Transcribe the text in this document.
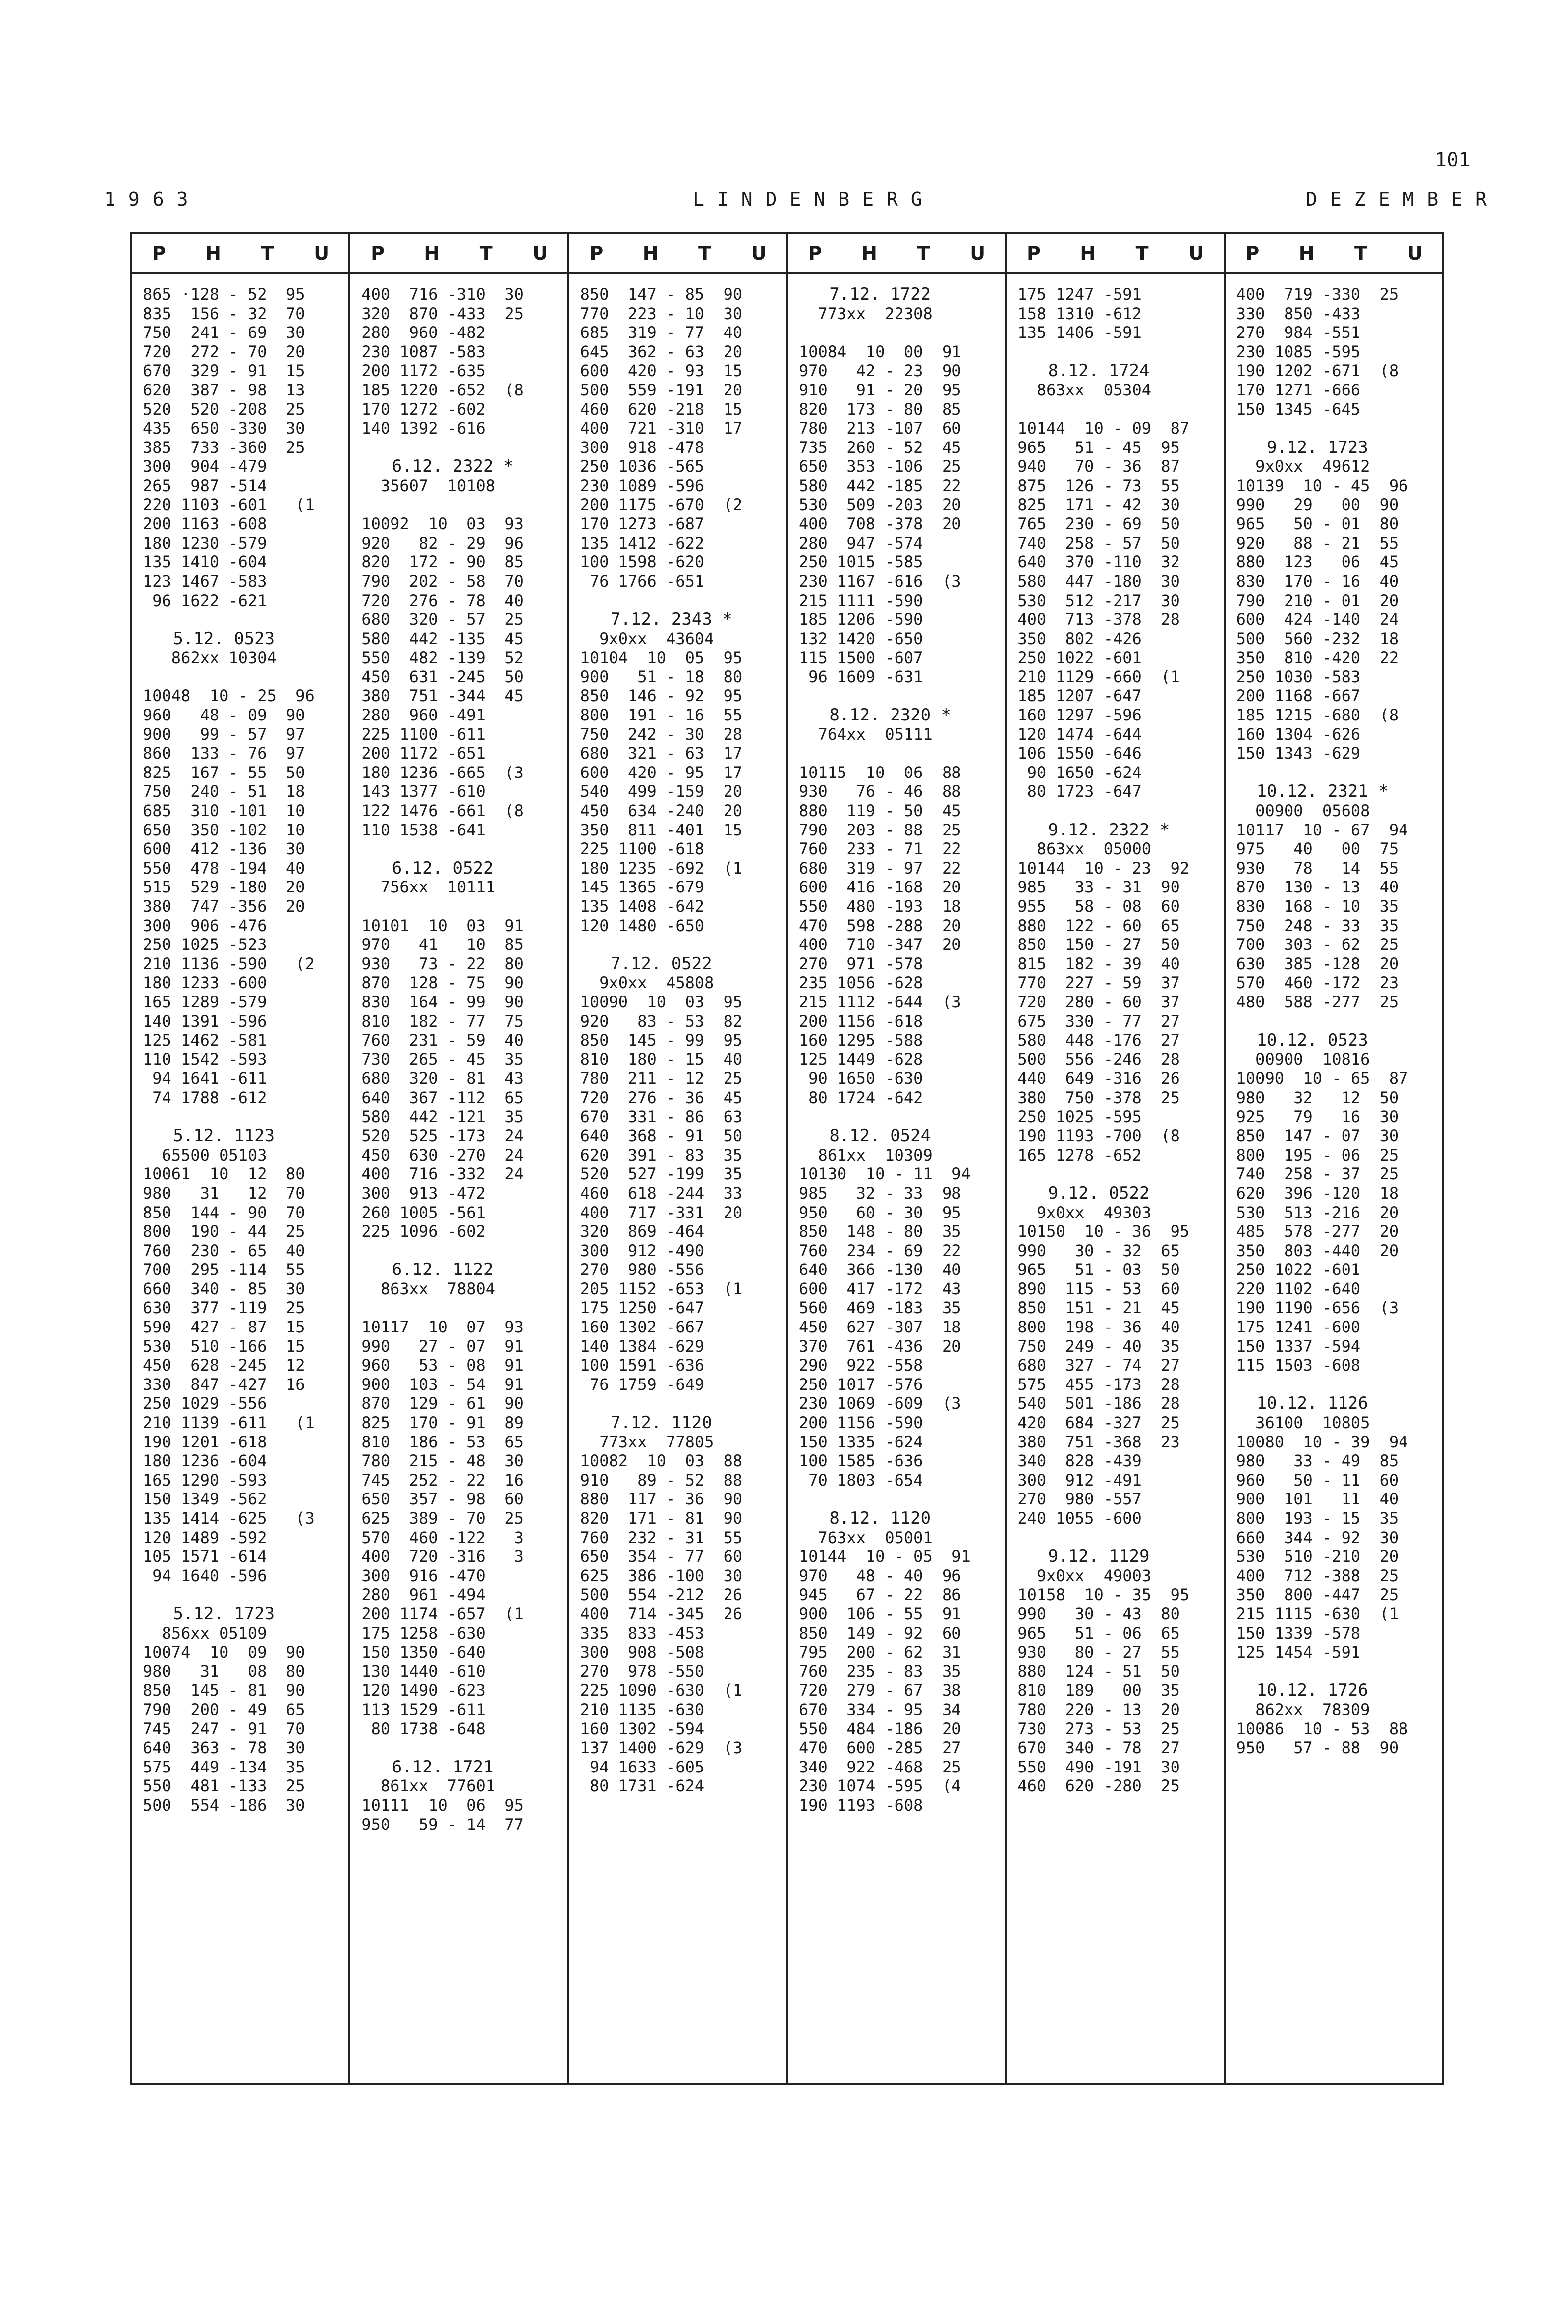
101
1963	LINDENBERG	DEZEMBER
P	H	T	U
865 ·128 - 52  95
835  156 - 32  70
750  241 - 69  30
720  272 - 70  20
670  329 - 91  15
620  387 - 98  13
520  520 -208  25
435  650 -330  30
385  733 -360  25
300  904 -479
265  987 -514
220 1103 -601   (1
200 1163 -608
180 1230 -579
135 1410 -604
123 1467 -583
96 1622 -621
5.12. 0523
862xx 10304
10048  10 - 25  96
960   48 - 09  90
900   99 - 57  97
860  133 - 76  97
825  167 - 55  50
750  240 - 51  18
685  310 -101  10
650  350 -102  10
600  412 -136  30
550  478 -194  40
515  529 -180  20
380  747 -356  20
300  906 -476
250 1025 -523
210 1136 -590   (2
180 1233 -600
165 1289 -579
140 1391 -596
125 1462 -581
110 1542 -593
94 1641 -611
74 1788 -612
5.12. 1123
65500 05103
10061  10  12  80
980   31   12  70
850  144 - 90  70
800  190 - 44  25
760  230 - 65  40
700  295 -114  55
660  340 - 85  30
630  377 -119  25
590  427 - 87  15
530  510 -166  15
450  628 -245  12
330  847 -427  16
250 1029 -556
210 1139 -611   (1
190 1201 -618
180 1236 -604
165 1290 -593
150 1349 -562
135 1414 -625   (3
120 1489 -592
105 1571 -614
94 1640 -596
5.12. 1723
856xx 05109
10074  10  09  90
980   31   08  80
850  145 - 81  90
790  200 - 49  65
745  247 - 91  70
640  363 - 78  30
575  449 -134  35
550  481 -133  25
500  554 -186  30
P	H	T	U
400  716 -310  30
320  870 -433  25
280  960 -482
230 1087 -583
200 1172 -635
185 1220 -652  (8
170 1272 -602
140 1392 -616
6.12. 2322 *
35607  10108
10092  10  03  93
920   82 - 29  96
820  172 - 90  85
790  202 - 58  70
720  276 - 78  40
680  320 - 57  25
580  442 -135  45
550  482 -139  52
450  631 -245  50
380  751 -344  45
280  960 -491
225 1100 -611
200 1172 -651
180 1236 -665  (3
143 1377 -610
122 1476 -661  (8
110 1538 -641
6.12. 0522
756xx  10111
10101  10  03  91
970   41   10  85
930   73 - 22  80
870  128 - 75  90
830  164 - 99  90
810  182 - 77  75
760  231 - 59  40
730  265 - 45  35
680  320 - 81  43
640  367 -112  65
580  442 -121  35
520  525 -173  24
450  630 -270  24
400  716 -332  24
300  913 -472
260 1005 -561
225 1096 -602
6.12. 1122
863xx  78804
10117  10  07  93
990   27 - 07  91
960   53 - 08  91
900  103 - 54  91
870  129 - 61  90
825  170 - 91  89
810  186 - 53  65
780  215 - 48  30
745  252 - 22  16
650  357 - 98  60
625  389 - 70  25
570  460 -122   3
400  720 -316   3
300  916 -470
280  961 -494
200 1174 -657  (1
175 1258 -630
150 1350 -640
130 1440 -610
120 1490 -623
113 1529 -611
80 1738 -648
6.12. 1721
861xx  77601
10111  10  06  95
950   59 - 14  77
P	H	T	U
850  147 - 85  90
770  223 - 10  30
685  319 - 77  40
645  362 - 63  20
600  420 - 93  15
500  559 -191  20
460  620 -218  15
400  721 -310  17
300  918 -478
250 1036 -565
230 1089 -596
200 1175 -670  (2
170 1273 -687
135 1412 -622
100 1598 -620
76 1766 -651
7.12. 2343 *
9x0xx  43604
10104  10  05  95
900   51 - 18  80
850  146 - 92  95
800  191 - 16  55
750  242 - 30  28
680  321 - 63  17
600  420 - 95  17
540  499 -159  20
450  634 -240  20
350  811 -401  15
225 1100 -618
180 1235 -692  (1
145 1365 -679
135 1408 -642
120 1480 -650
7.12. 0522
9x0xx  45808
10090  10  03  95
920   83 - 53  82
850  145 - 99  95
810  180 - 15  40
780  211 - 12  25
720  276 - 36  45
670  331 - 86  63
640  368 - 91  50
620  391 - 83  35
520  527 -199  35
460  618 -244  33
400  717 -331  20
320  869 -464
300  912 -490
270  980 -556
205 1152 -653  (1
175 1250 -647
160 1302 -667
140 1384 -629
100 1591 -636
76 1759 -649
7.12. 1120
773xx  77805
10082  10  03  88
910   89 - 52  88
880  117 - 36  90
820  171 - 81  90
760  232 - 31  55
650  354 - 77  60
625  386 -100  30
500  554 -212  26
400  714 -345  26
335  833 -453
300  908 -508
270  978 -550
225 1090 -630  (1
210 1135 -630
160 1302 -594
137 1400 -629  (3
94 1633 -605
80 1731 -624
P	H	T	U
7.12. 1722
773xx  22308
10084  10  00  91
970   42 - 23  90
910   91 - 20  95
820  173 - 80  85
780  213 -107  60
735  260 - 52  45
650  353 -106  25
580  442 -185  22
530  509 -203  20
400  708 -378  20
280  947 -574
250 1015 -585
230 1167 -616  (3
215 1111 -590
185 1206 -590
132 1420 -650
115 1500 -607
96 1609 -631
8.12. 2320 *
764xx  05111
10115  10  06  88
930   76 - 46  88
880  119 - 50  45
790  203 - 88  25
760  233 - 71  22
680  319 - 97  22
600  416 -168  20
550  480 -193  18
470  598 -288  20
400  710 -347  20
270  971 -578
235 1056 -628
215 1112 -644  (3
200 1156 -618
160 1295 -588
125 1449 -628
90 1650 -630
80 1724 -642
8.12. 0524
861xx  10309
10130  10 - 11  94
985   32 - 33  98
950   60 - 30  95
850  148 - 80  35
760  234 - 69  22
640  366 -130  40
600  417 -172  43
560  469 -183  35
450  627 -307  18
370  761 -436  20
290  922 -558
250 1017 -576
230 1069 -609  (3
200 1156 -590
150 1335 -624
100 1585 -636
70 1803 -654
8.12. 1120
763xx  05001
10144  10 - 05  91
970   48 - 40  96
945   67 - 22  86
900  106 - 55  91
850  149 - 92  60
795  200 - 62  31
760  235 - 83  35
720  279 - 67  38
670  334 - 95  34
550  484 -186  20
470  600 -285  27
340  922 -468  25
230 1074 -595  (4
190 1193 -608
P	H	T	U
175 1247 -591
158 1310 -612
135 1406 -591
8.12. 1724
863xx  05304
10144  10 - 09  87
965   51 - 45  95
940   70 - 36  87
875  126 - 73  55
825  171 - 42  30
765  230 - 69  50
740  258 - 57  50
640  370 -110  32
580  447 -180  30
530  512 -217  30
400  713 -378  28
350  802 -426
250 1022 -601
210 1129 -660  (1
185 1207 -647
160 1297 -596
120 1474 -644
106 1550 -646
90 1650 -624
80 1723 -647
9.12. 2322 *
863xx  05000
10144  10 - 23  92
985   33 - 31  90
955   58 - 08  60
880  122 - 60  65
850  150 - 27  50
815  182 - 39  40
770  227 - 59  37
720  280 - 60  37
675  330 - 77  27
580  448 -176  27
500  556 -246  28
440  649 -316  26
380  750 -378  25
250 1025 -595
190 1193 -700  (8
165 1278 -652
9.12. 0522
9x0xx  49303
10150  10 - 36  95
990   30 - 32  65
965   51 - 03  50
890  115 - 53  60
850  151 - 21  45
800  198 - 36  40
750  249 - 40  35
680  327 - 74  27
575  455 -173  28
540  501 -186  28
420  684 -327  25
380  751 -368  23
340  828 -439
300  912 -491
270  980 -557
240 1055 -600
9.12. 1129
9x0xx  49003
10158  10 - 35  95
990   30 - 43  80
965   51 - 06  65
930   80 - 27  55
880  124 - 51  50
810  189   00  35
780  220 - 13  20
730  273 - 53  25
670  340 - 78  27
550  490 -191  30
460  620 -280  25
P	H	T	U
400  719 -330  25
330  850 -433
270  984 -551
230 1085 -595
190 1202 -671  (8
170 1271 -666
150 1345 -645
9.12. 1723
9x0xx  49612
10139  10 - 45  96
990   29   00  90
965   50 - 01  80
920   88 - 21  55
880  123   06  45
830  170 - 16  40
790  210 - 01  20
600  424 -140  24
500  560 -232  18
350  810 -420  22
250 1030 -583
200 1168 -667
185 1215 -680  (8
160 1304 -626
150 1343 -629
10.12. 2321 *
00900  05608
10117  10 - 67  94
975   40   00  75
930   78   14  55
870  130 - 13  40
830  168 - 10  35
750  248 - 33  35
700  303 - 62  25
630  385 -128  20
570  460 -172  23
480  588 -277  25
10.12. 0523
00900  10816
10090  10 - 65  87
980   32   12  50
925   79   16  30
850  147 - 07  30
800  195 - 06  25
740  258 - 37  25
620  396 -120  18
530  513 -216  20
485  578 -277  20
350  803 -440  20
250 1022 -601
220 1102 -640
190 1190 -656  (3
175 1241 -600
150 1337 -594
115 1503 -608
10.12. 1126
36100  10805
10080  10 - 39  94
980   33 - 49  85
960   50 - 11  60
900  101   11  40
800  193 - 15  35
660  344 - 92  30
530  510 -210  20
400  712 -388  25
350  800 -447  25
215 1115 -630  (1
150 1339 -578
125 1454 -591
10.12. 1726
862xx  78309
10086  10 - 53  88
950   57 - 88  90
